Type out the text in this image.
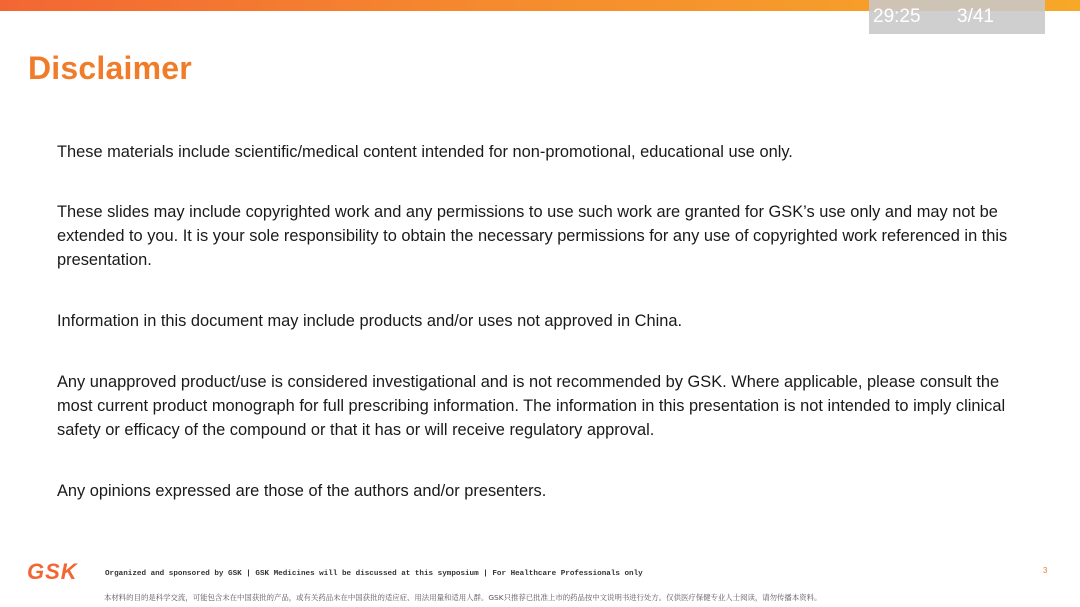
29:25	3/41
Disclaimer

These materials include scientific/medical content intended for non-promotional, educational use only.

These slides may include copyrighted work and any permissions to use such work are granted for GSK’s use only and may not be extended to you. It is your sole responsibility to obtain the necessary permissions for any use of copyrighted work referenced in this presentation.

Information in this document may include products and/or uses not approved in China.

Any unapproved product/use is considered investigational and is not recommended by GSK. Where applicable, please consult the most current product monograph for full prescribing information. The information in this presentation is not intended to imply clinical safety or efficacy of the compound or that it has or will receive regulatory approval.

Any opinions expressed are those of the authors and/or presenters.

GSK	Organized and sponsored by GSK | GSK Medicines will be discussed at this symposium | For Healthcare Professionals only	3
本材料的目的是科学交流，可能包含未在中国获批的产品，或有关药品未在中国获批的适应症、用法用量和适用人群。GSK只推荐已批准上市的药品按中文说明书进行处方。仅供医疗保健专业人士阅读，请勿传播本资料。
